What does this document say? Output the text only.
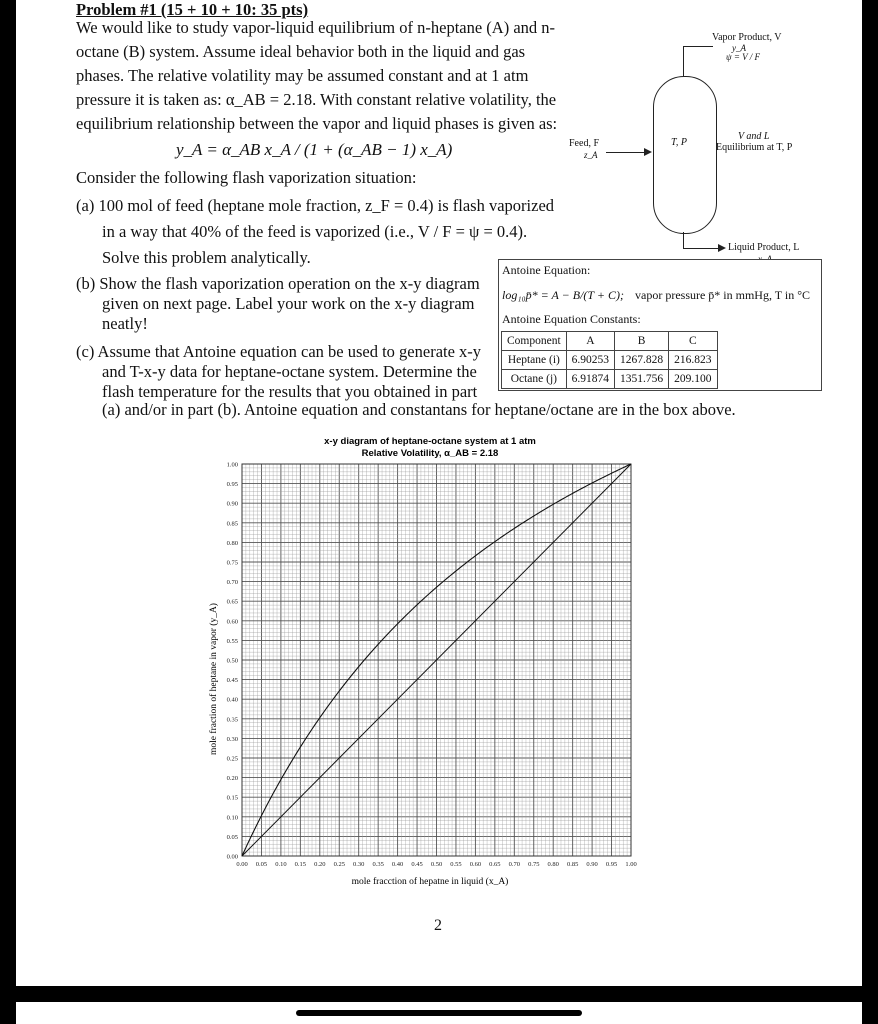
Problem #1 (15 + 10 + 10: 35 pts)
We would like to study vapor-liquid equilibrium of n-heptane (A) and n-
octane (B) system. Assume ideal behavior both in the liquid and gas
phases. The relative volatility may be assumed constant and at 1 atm
pressure it is taken as: α_AB = 2.18. With constant relative volatility, the
equilibrium relationship between the vapor and liquid phases is given as:
y_A = α_AB x_A / (1 + (α_AB − 1) x_A)
Consider the following flash vaporization situation:
(a) 100 mol of feed (heptane mole fraction, z_F = 0.4) is flash vaporized
in a way that 40% of the feed is vaporized (i.e., V / F = ψ = 0.4).
Solve this problem analytically.
(b) Show the flash vaporization operation on the x-y diagram
given on next page. Label your work on the x-y diagram
neatly!
(c) Assume that Antoine equation can be used to generate x-y
and T-x-y data for heptane-octane system. Determine the
flash temperature for the results that you obtained in part
(a) and/or in part (b). Antoine equation and constantans for heptane/octane are in the box above.
Vapor Product, V
y_A
ψ = V / F
T, P
Feed, F
z_A
V and L
Equilibrium at T, P
Liquid Product, L
Antoine Equation:
log₁₀p̄* = A − B/(T + C); vapor pressure p̄* in mmHg, T in °C
Antoine Equation Constants:
Component	A	B	C
Heptane (i)	6.90253	1267.828	216.823
Octane (j)	6.91874	1351.756	209.100
x-y diagram of heptane-octane system at 1 atm
Relative Volatility, α_AB = 2.18
0.00 0.05 0.10 0.15 0.20 0.25 0.30 0.35 0.40 0.45 0.50 0.55 0.60 0.65 0.70 0.75 0.80 0.85 0.90 0.95 1.00
0.00
0.05
0.10
0.15
0.20
0.25
0.30
0.35
0.40
0.45
0.50
0.55
0.60
0.65
0.70
0.75
0.80
0.85
0.90
0.95
1.00
mole fracction of hepatne in liquid (x_A)
mole fraction of heptane in vapor (y_A)
2
